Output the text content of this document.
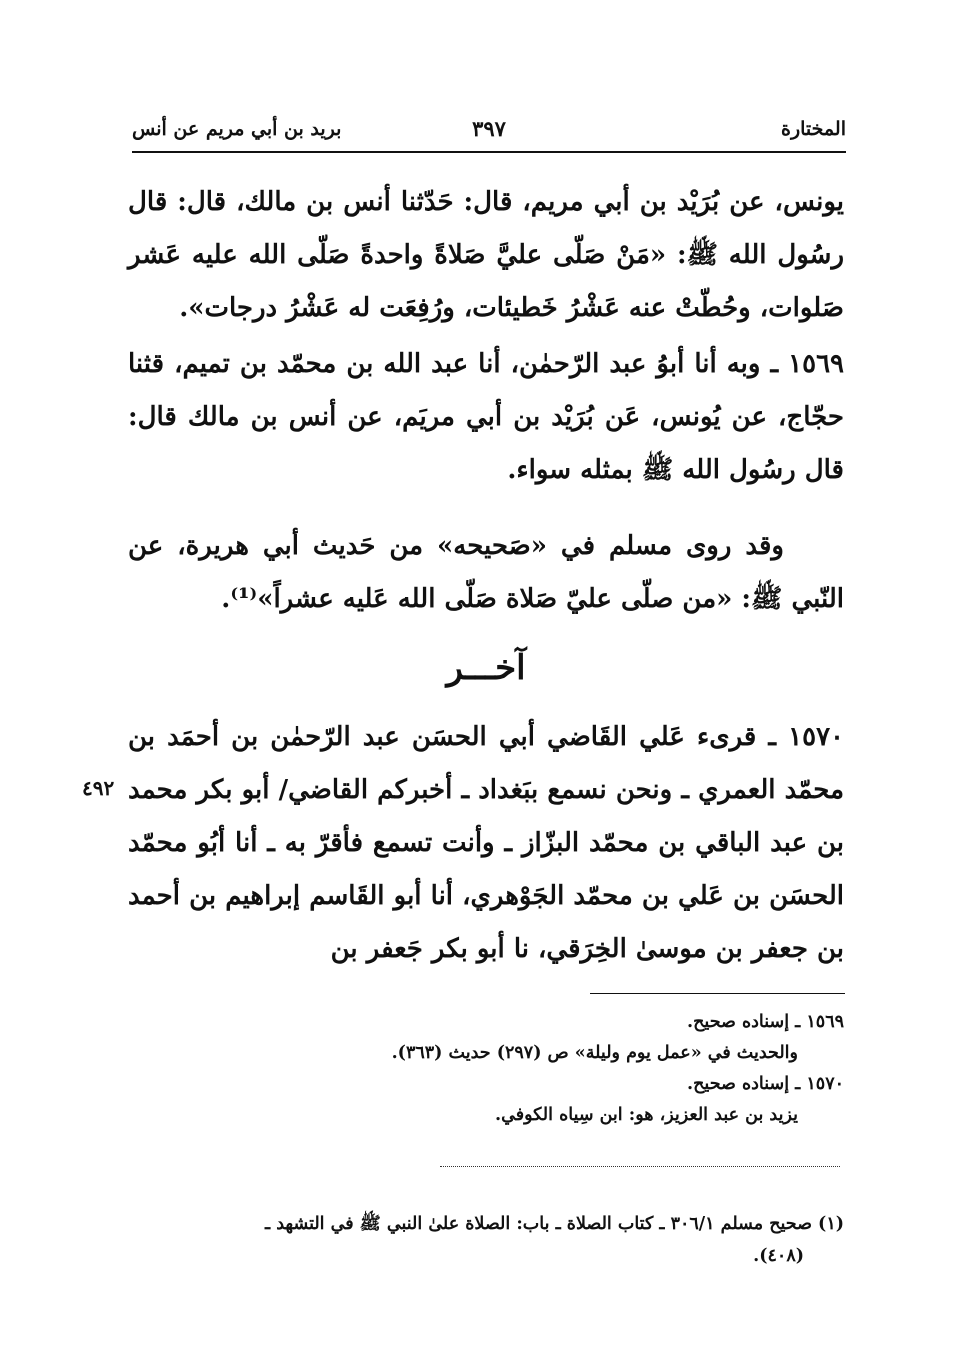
المختارة
٣٩٧
بريد بن أبي مريم عن أنس

يونس، عن بُرَيْد بن أبي مريم، قال: حَدّثنا أنس بن مالك، قال: قال رسُول الله ﷺ: «مَنْ صَلّى عليَّ صَلاةً واحدةً صَلّى الله عليه عَشر صَلوات، وحُطّتْ عنه عَشْرُ خَطيئات، ورُفِعَت له عَشْرُ درجات».

١٥٦٩ ـ وبه أنا أبوُ عبد الرّحمٰن، أنا عبد الله بن محمّد بن تميم، قثنا حجّاج، عن يُونس، عَن بُرَيْد بن أبي مريَم، عن أنس بن مالك قال: قال رسُول الله ﷺ بمثله سواء.

وقد روى مسلم في «صَحيحه» من حَديث أبي هريرة، عن النّبي ﷺ: «من صلّى عليّ صَلاة صَلّى الله عَليه عشراً»⁽¹⁾.

آخـــر

١٥٧٠ ـ قرىء عَلي القَاضي أبي الحسَن عبد الرّحمٰن بن أحمَد بن محمّد العمري ـ ونحن نسمع ببَغداد ـ أخبركم القاضي/ أبو بكر محمد بن عبد الباقي بن محمّد البزّاز ـ وأنت تسمع فأقرّ به ـ أنا أبُو محمّد الحسَن بن عَلي بن محمّد الجَوْهري، أنا أبو القَاسم إبراهيم بن أحمد بن جعفر بن موسىٰ الخِرَقي، نا أبو بكر جَعفر بن

٤٩٢
١٥٦٩ ـ إسناده صحيح.
والحديث في «عمل يوم وليلة» ص (٢٩٧) حديث (٣٦٣).
١٥٧٠ ـ إسناده صحيح.
يزيد بن عبد العزيز، هو: ابن سِياه الكوفي.

(١) صحيح مسلم ٣٠٦/١ ـ كتاب الصلاة ـ باب: الصلاة علىٰ النبي ﷺ في التشهد ـ

(٤٠٨).
